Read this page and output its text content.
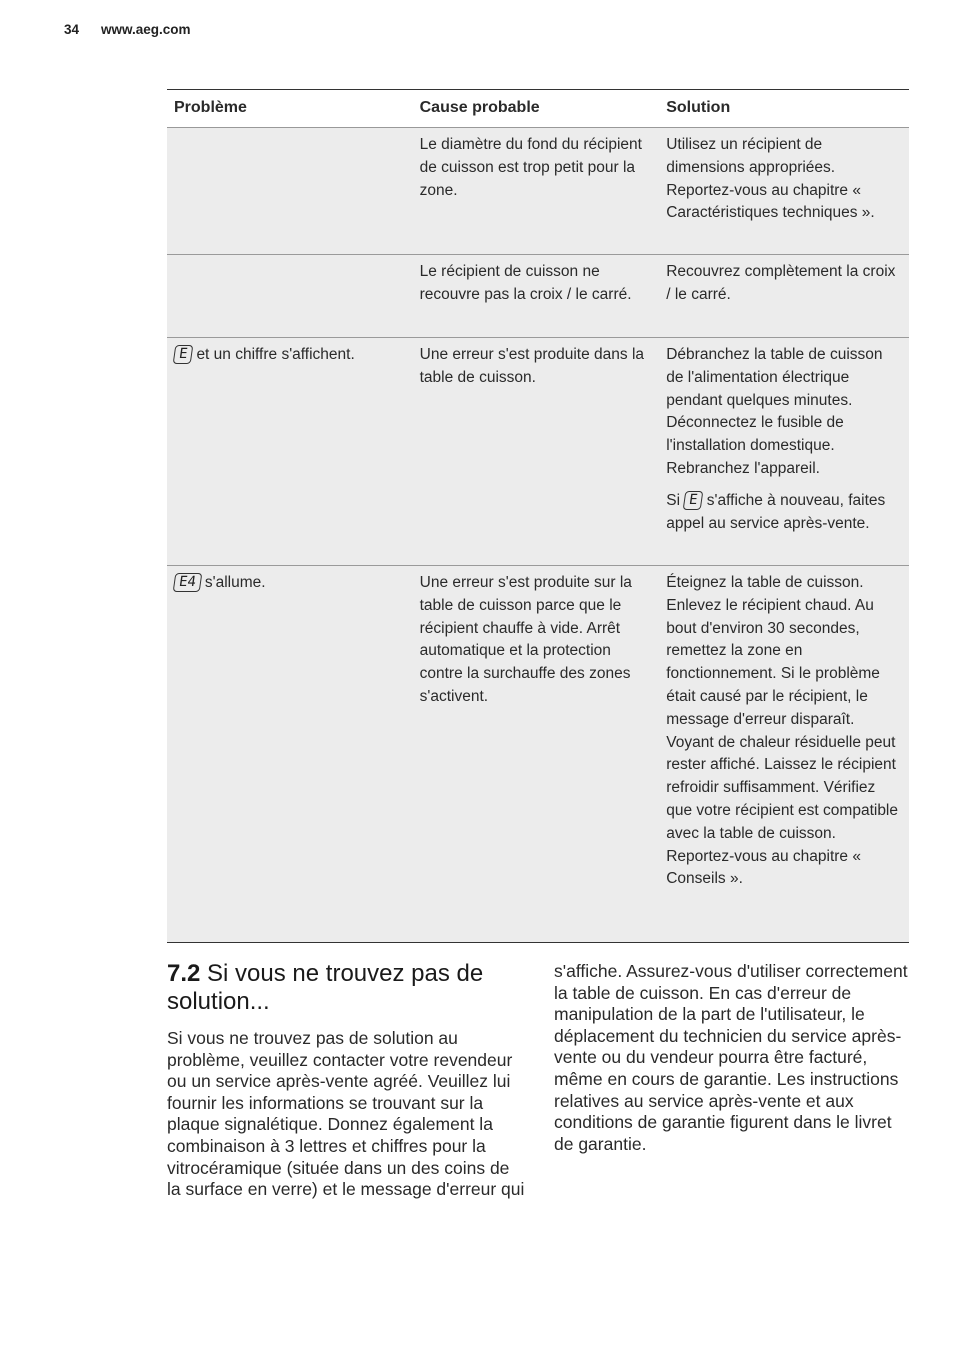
34 www.aeg.com
Problème	Cause probable	Solution
	Le diamètre du fond du récipient de cuisson est trop petit pour la zone.	Utilisez un récipient de dimensions appropriées. Reportez-vous au chapitre « Caractéristiques techniques ».
	Le récipient de cuisson ne recouvre pas la croix / le carré.	Recouvrez complètement la croix / le carré.
E et un chiffre s'affichent.	Une erreur s'est produite dans la table de cuisson.	Débranchez la table de cuisson de l'alimentation électrique pendant quelques minutes. Déconnectez le fusible de l'installation domestique. Rebranchez l'appareil.
Si E s'affiche à nouveau, faites appel au service après-vente.

E4 s'allume.	Une erreur s'est produite sur la table de cuisson parce que le récipient chauffe à vide. Arrêt automatique et la protection contre la surchauffe des zones s'activent.	Éteignez la table de cuisson. Enlevez le récipient chaud. Au bout d'environ 30 secondes, remettez la zone en fonctionnement. Si le problème était causé par le récipient, le message d'erreur disparaît. Voyant de chaleur résiduelle peut rester affiché. Laissez le récipient refroidir suffisamment. Vérifiez que votre récipient est compatible avec la table de cuisson.
Reportez-vous au chapitre « Conseils ».
7.2 Si vous ne trouvez pas de solution...

Si vous ne trouvez pas de solution au problème, veuillez contacter votre revendeur ou un service après-vente agréé. Veuillez lui fournir les informations se trouvant sur la plaque signalétique. Donnez également la combinaison à 3 lettres et chiffres pour la vitrocéramique (située dans un des coins de la surface en verre) et le message d'erreur qui

s'affiche. Assurez-vous d'utiliser correctement la table de cuisson. En cas d'erreur de manipulation de la part de l'utilisateur, le déplacement du technicien du service après-vente ou du vendeur pourra être facturé, même en cours de garantie. Les instructions relatives au service après-vente et aux conditions de garantie figurent dans le livret de garantie.
